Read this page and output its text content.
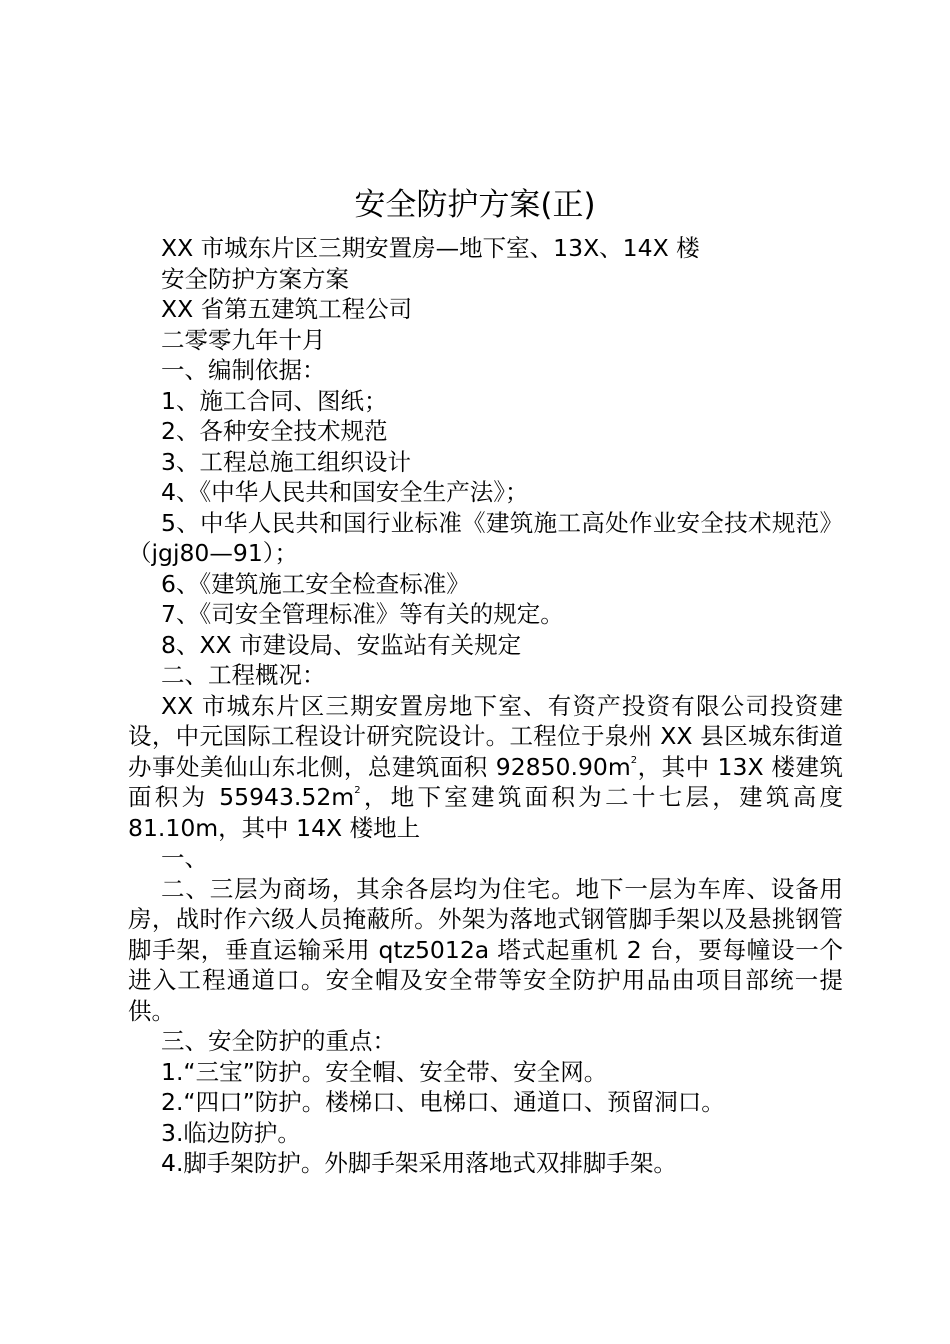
安全防护方案(正)

XX 市城东片区三期安置房—地下室、13X、14X 楼

安全防护方案方案

XX 省第五建筑工程公司

二零零九年十月

一、编制依据：

1、施工合同、图纸；

2、各种安全技术规范

3、工程总施工组织设计

4、《中华人民共和国安全生产法》；

5、中华人民共和国行业标准《建筑施工高处作业安全技术规范》（jgj80—91）；

6、《建筑施工安全检查标准》

7、《司安全管理标准》等有关的规定。

8、XX 市建设局、安监站有关规定

二、工程概况：

XX 市城东片区三期安置房地下室、有资产投资有限公司投资建设，中元国际工程设计研究院设计。工程位于泉州 XX 县区城东街道办事处美仙山东北侧，总建筑面积 $92850.90m^2$，其中 13X 楼建筑面积为 $55943.52m^2$，地下室建筑面积为二十七层，建筑高度 81.10m，其中 14X 楼地上

一、

二、三层为商场，其余各层均为住宅。地下一层为车库、设备用房，战时作六级人员掩蔽所。外架为落地式钢管脚手架以及悬挑钢管脚手架，垂直运输采用 qtz5012a 塔式起重机 2 台，要每幢设一个进入工程通道口。安全帽及安全带等安全防护用品由项目部统一提供。

三、安全防护的重点：

1.“三宝”防护。安全帽、安全带、安全网。

2.“四口”防护。楼梯口、电梯口、通道口、预留洞口。

3.临边防护。

4.脚手架防护。外脚手架采用落地式双排脚手架。
